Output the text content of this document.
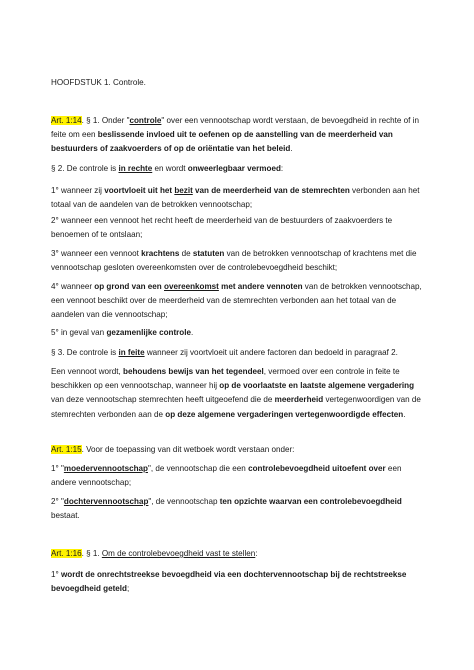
HOOFDSTUK 1. Controle.

Art. 1:14. § 1. Onder "controle" over een vennootschap wordt verstaan, de bevoegdheid in rechte of in feite om een beslissende invloed uit te oefenen op de aanstelling van de meerderheid van bestuurders of zaakvoerders of op de oriëntatie van het beleid.

§ 2. De controle is in rechte en wordt onweerlegbaar vermoed:

1° wanneer zij voortvloeit uit het bezit van de meerderheid van de stemrechten verbonden aan het totaal van de aandelen van de betrokken vennootschap;

2° wanneer een vennoot het recht heeft de meerderheid van de bestuurders of zaakvoerders te benoemen of te ontslaan;

3° wanneer een vennoot krachtens de statuten van de betrokken vennootschap of krachtens met die vennootschap gesloten overeenkomsten over de controlebevoegdheid beschikt;

4° wanneer op grond van een overeenkomst met andere vennoten van de betrokken vennootschap, een vennoot beschikt over de meerderheid van de stemrechten verbonden aan het totaal van de aandelen van die vennootschap;

5° in geval van gezamenlijke controle.

§ 3. De controle is in feite wanneer zij voortvloeit uit andere factoren dan bedoeld in paragraaf 2.

Een vennoot wordt, behoudens bewijs van het tegendeel, vermoed over een controle in feite te beschikken op een vennootschap, wanneer hij op de voorlaatste en laatste algemene vergadering van deze vennootschap stemrechten heeft uitgeoefend die de meerderheid vertegenwoordigen van de stemrechten verbonden aan de op deze algemene vergaderingen vertegenwoordigde effecten.

Art. 1:15. Voor de toepassing van dit wetboek wordt verstaan onder:

1° "moedervennootschap", de vennootschap die een controlebevoegdheid uitoefent over een andere vennootschap;

2° "dochtervennootschap", de vennootschap ten opzichte waarvan een controlebevoegdheid bestaat.

Art. 1:16. § 1. Om de controlebevoegdheid vast te stellen:

1° wordt de onrechtstreekse bevoegdheid via een dochtervennootschap bij de rechtstreekse bevoegdheid geteld;
